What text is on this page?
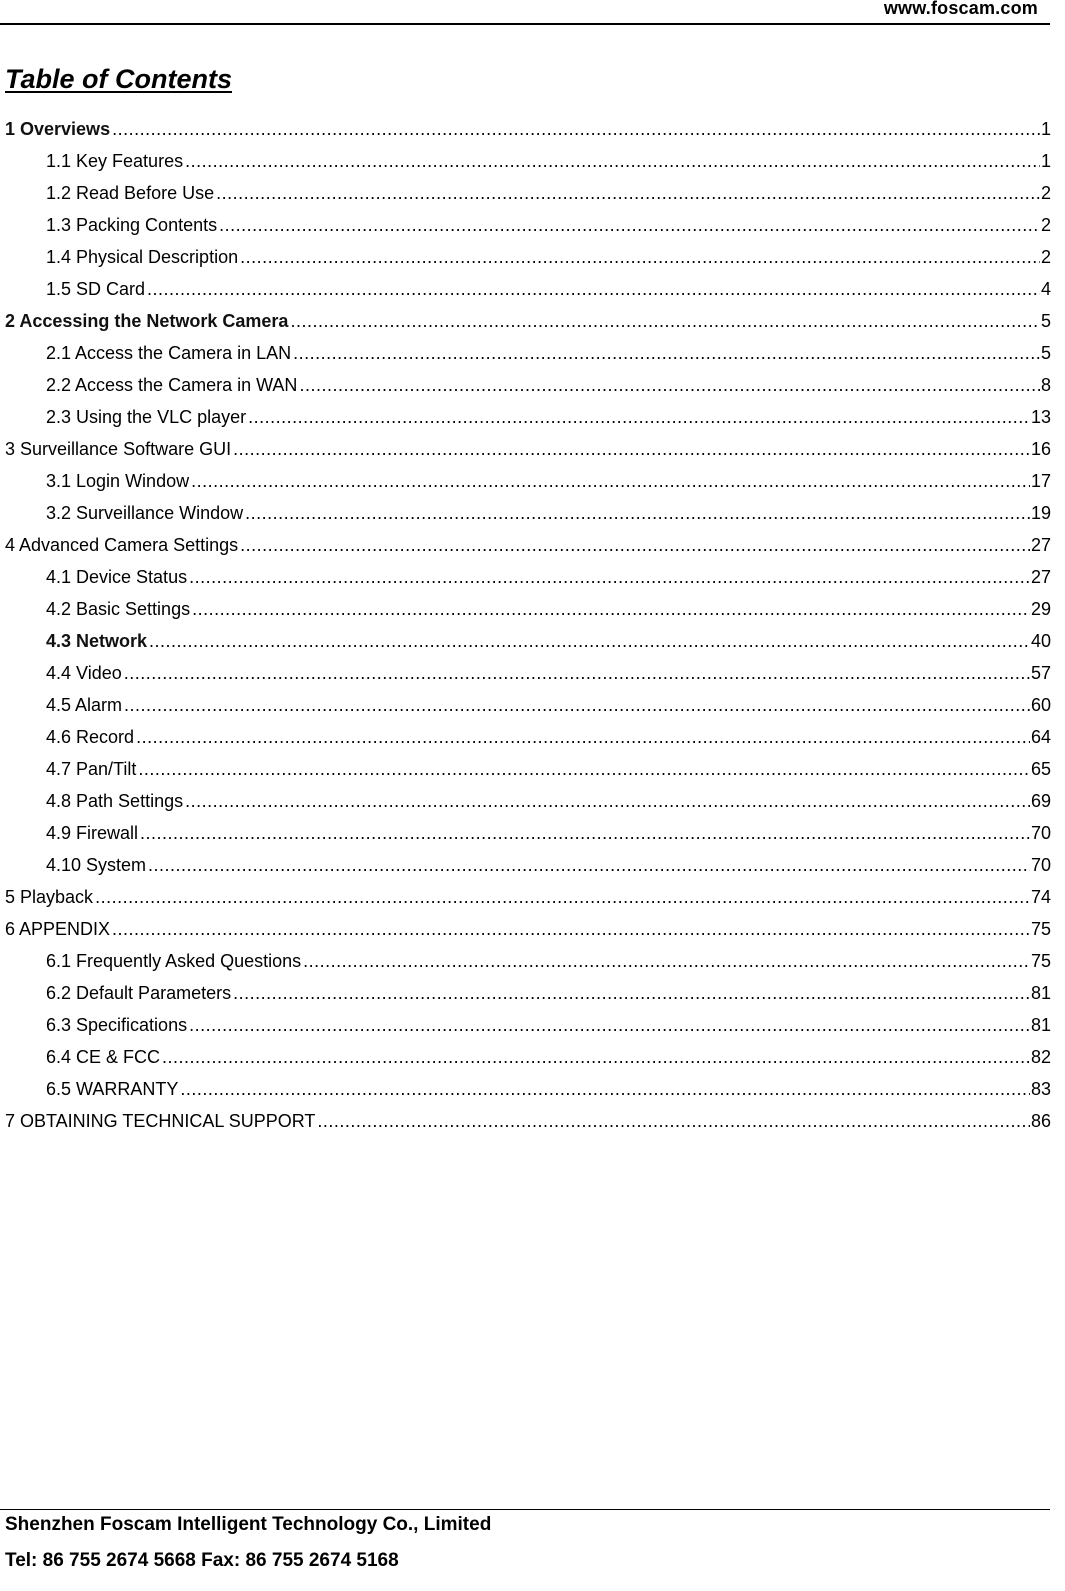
www.foscam.com
Table of Contents
1 Overviews .....	1
1.1 Key Features .....	1
1.2 Read Before Use .....	2
1.3 Packing Contents .....	2
1.4 Physical Description .....	2
1.5 SD Card .....	4
2 Accessing the Network Camera .....	5
2.1 Access the Camera in LAN .....	5
2.2 Access the Camera in WAN .....	8
2.3 Using the VLC player .....	13
3 Surveillance Software GUI .....	16
3.1 Login Window .....	17
3.2 Surveillance Window .....	19
4 Advanced Camera Settings .....	27
4.1 Device Status .....	27
4.2 Basic Settings .....	29
4.3 Network .....	40
4.4 Video .....	57
4.5 Alarm .....	60
4.6 Record .....	64
4.7 Pan/Tilt .....	65
4.8 Path Settings .....	69
4.9 Firewall .....	70
4.10 System .....	70
5 Playback .....	74
6 APPENDIX .....	75
6.1 Frequently Asked Questions .....	75
6.2 Default Parameters .....	81
6.3 Specifications .....	81
6.4 CE & FCC .....	82
6.5 WARRANTY .....	83
7 OBTAINING TECHNICAL SUPPORT .....	86
Shenzhen Foscam Intelligent Technology Co., Limited
Tel: 86 755 2674 5668 Fax: 86 755 2674 5168
